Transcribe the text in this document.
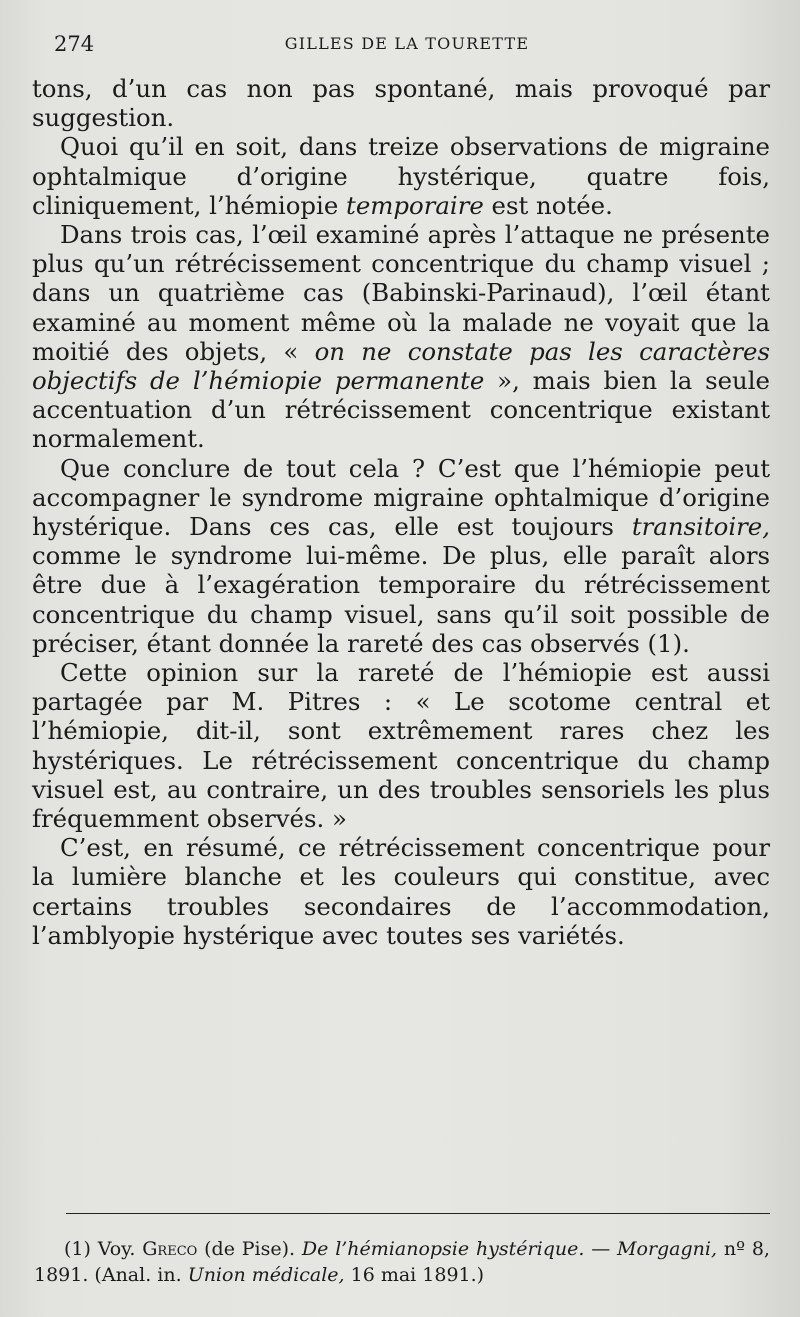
274	GILLES DE LA TOURETTE

tons, d’un cas non pas spontané, mais provoqué par suggestion.

Quoi qu’il en soit, dans treize observations de migraine ophtalmique d’origine hystérique, quatre fois, cliniquement, l’hémiopie temporaire est notée.

Dans trois cas, l’œil examiné après l’attaque ne présente plus qu’un rétrécissement concentrique du champ visuel ; dans un quatrième cas (Babinski-Parinaud), l’œil étant examiné au moment même où la malade ne voyait que la moitié des objets, « on ne constate pas les caractères objectifs de l’hémiopie permanente », mais bien la seule accentuation d’un rétrécissement concentrique existant normalement.

Que conclure de tout cela ? C’est que l’hémiopie peut accompagner le syndrome migraine ophtalmique d’origine hystérique. Dans ces cas, elle est toujours transitoire, comme le syndrome lui-même. De plus, elle paraît alors être due à l’exagération temporaire du rétrécissement concentrique du champ visuel, sans qu’il soit possible de préciser, étant donnée la rareté des cas observés (1).

Cette opinion sur la rareté de l’hémiopie est aussi partagée par M. Pitres : « Le scotome central et l’hémiopie, dit-il, sont extrêmement rares chez les hystériques. Le rétrécissement concentrique du champ visuel est, au contraire, un des troubles sensoriels les plus fréquemment observés. »

C’est, en résumé, ce rétrécissement concentrique pour la lumière blanche et les couleurs qui constitue, avec certains troubles secondaires de l’accommodation, l’amblyopie hystérique avec toutes ses variétés.

(1) Voy. Greco (de Pise). De l’hémianopsie hystérique. — Morgagni, nº 8, 1891. (Anal. in. Union médicale, 16 mai 1891.)
